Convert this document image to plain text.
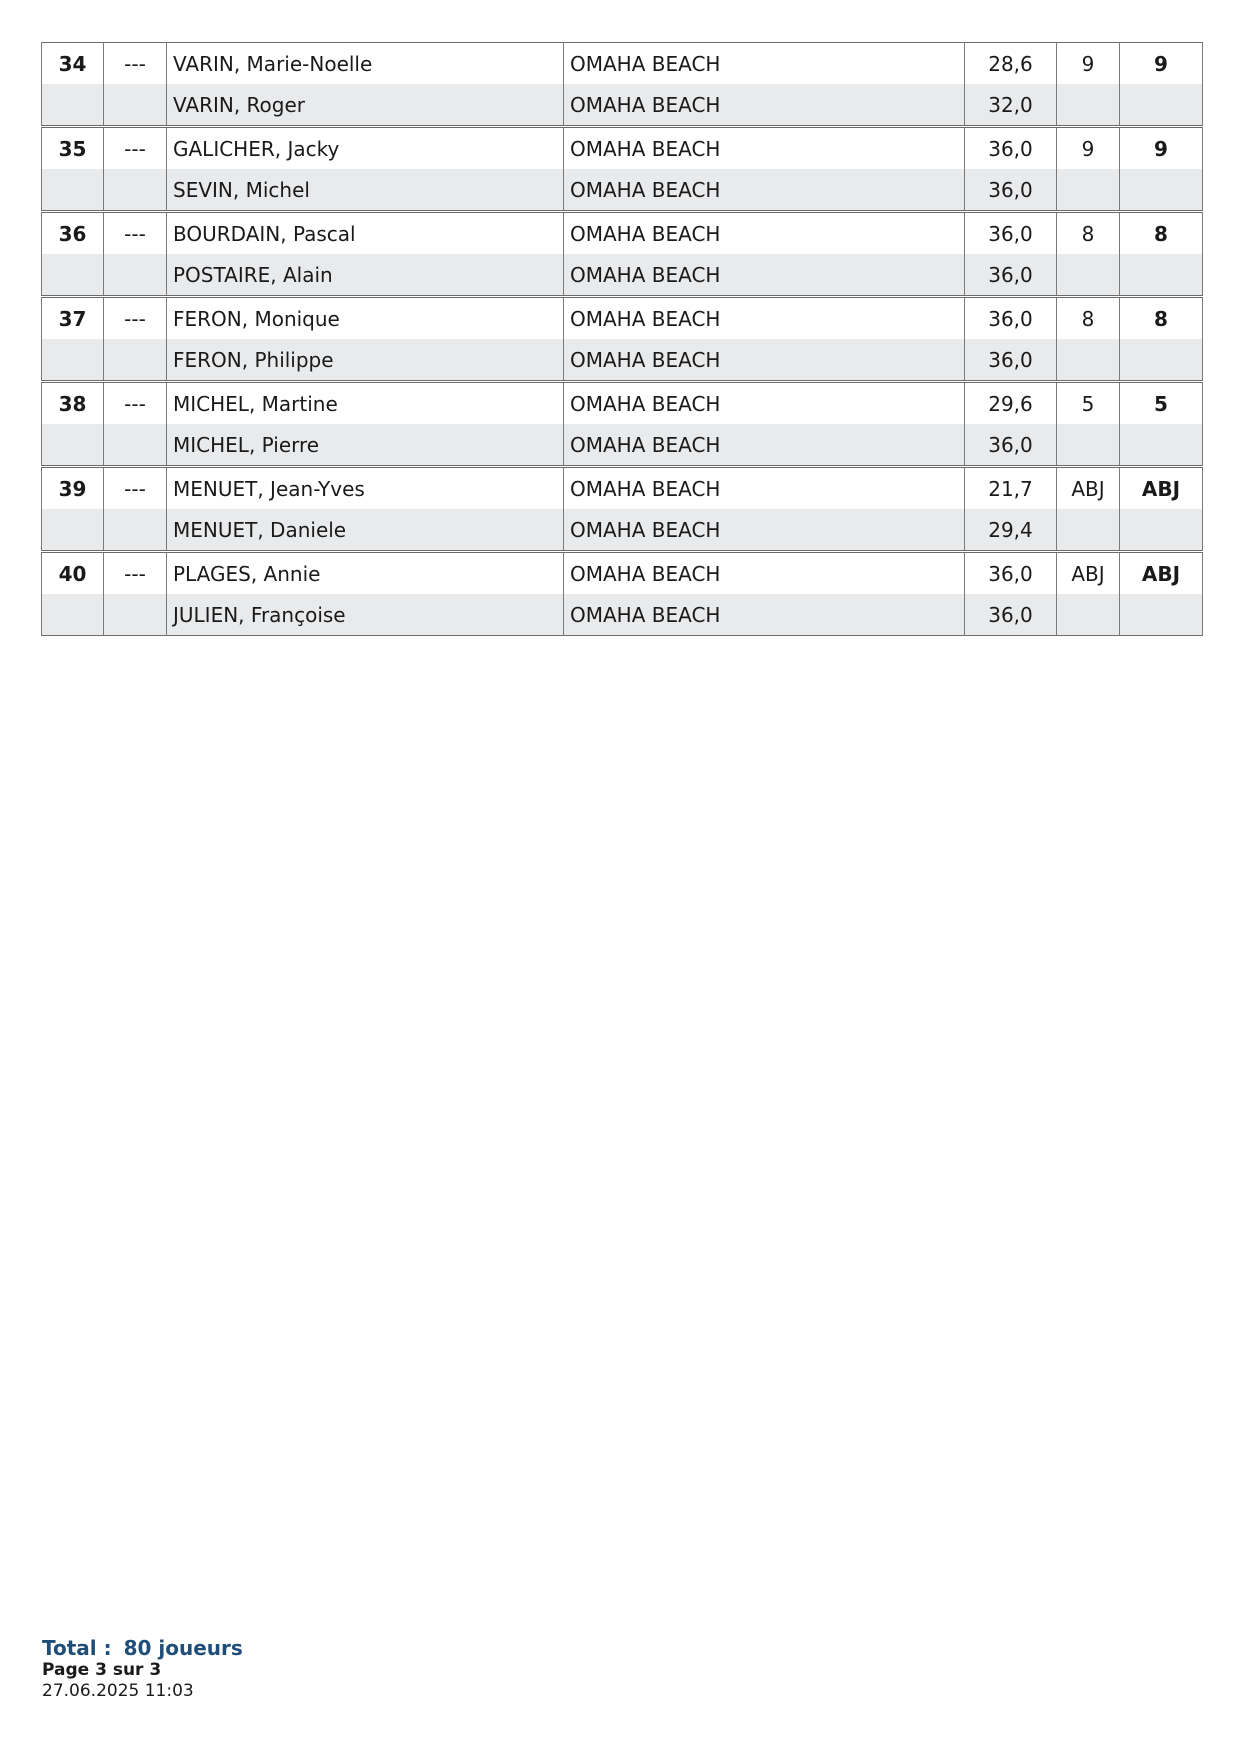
34	---	VARIN, Marie-Noelle	OMAHA BEACH	28,6	9	9
		VARIN, Roger	OMAHA BEACH	32,0		
35	---	GALICHER, Jacky	OMAHA BEACH	36,0	9	9
		SEVIN, Michel	OMAHA BEACH	36,0		
36	---	BOURDAIN, Pascal	OMAHA BEACH	36,0	8	8
		POSTAIRE, Alain	OMAHA BEACH	36,0		
37	---	FERON, Monique	OMAHA BEACH	36,0	8	8
		FERON, Philippe	OMAHA BEACH	36,0		
38	---	MICHEL, Martine	OMAHA BEACH	29,6	5	5
		MICHEL, Pierre	OMAHA BEACH	36,0		
39	---	MENUET, Jean-Yves	OMAHA BEACH	21,7	ABJ	ABJ
		MENUET, Daniele	OMAHA BEACH	29,4		
40	---	PLAGES, Annie	OMAHA BEACH	36,0	ABJ	ABJ
		JULIEN, Françoise	OMAHA BEACH	36,0		
Total : 80 joueurs
Page 3 sur 3
27.06.2025 11:03
